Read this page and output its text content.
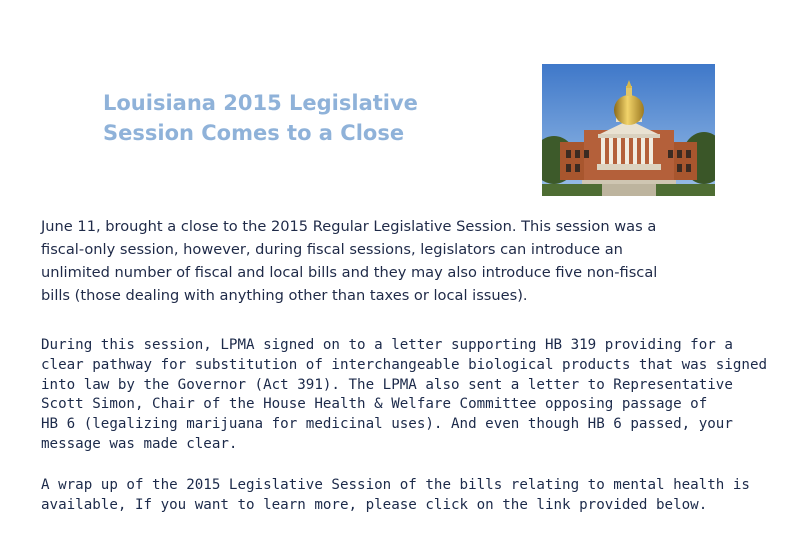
Louisiana 2015 Legislative
Session Comes to a Close
June 11, brought a close to the 2015 Regular Legislative Session. This session was a
fiscal-only session, however, during fiscal sessions, legislators can introduce an
unlimited number of fiscal and local bills and they may also introduce five non-fiscal
bills (those dealing with anything other than taxes or local issues).
During this session, LPMA signed on to a letter supporting HB 319 providing for a
clear pathway for substitution of interchangeable biological products that was signed
into law by the Governor (Act 391). The LPMA also sent a letter to Representative
Scott Simon, Chair of the House Health & Welfare Committee opposing passage of
HB 6 (legalizing marijuana for medicinal uses). And even though HB 6 passed, your
message was made clear.
A wrap up of the 2015 Legislative Session of the bills relating to mental health is
available, If you want to learn more, please click on the link provided below.
